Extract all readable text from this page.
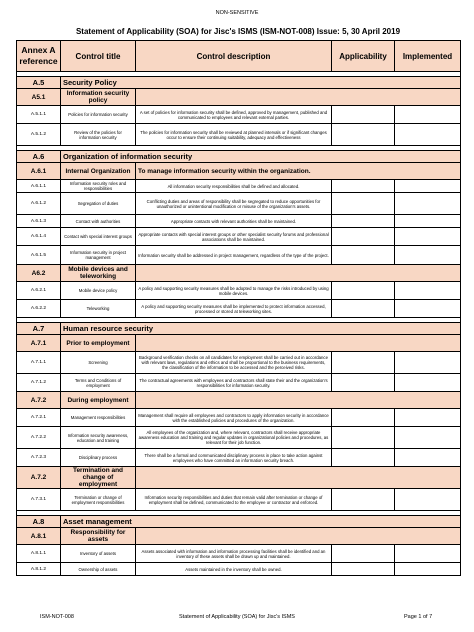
NON-SENSITIVE
Statement of Applicability (SOA) for Jisc's ISMS (ISM-NOT-008) Issue: 5, 30 April 2019
Annex A reference	Control title	Control description	Applicability	Implemented

A.5	Security Policy			
A5.1	Information security policy			
A.5.1.1	Policies for information security	A set of policies for information security shall be defined, approved by management, published and communicated to employees and relevant external parties.	Applicable	Yes
A.5.1.2	Review of the policies for information security	The policies for information security shall be reviewed at planned intervals or if significant changes occur to ensure their continuing suitability, adequacy and effectiveness	Applicable	Yes

A.6	Organization of information security			
A.6.1	Internal Organization	To manage information security within the organization.		
A.6.1.1	Information security roles and responsibilities	All information security responsibilities shall be defined and allocated.	Applicable	Yes
A.6.1.2	Segregation of duties	Conflicting duties and areas of responsibility shall be segregated to reduce opportunities for unauthorized or unintentional modification or misuse of the organization's assets.	Applicable	Yes
A.6.1.3	Contact with authorities	Appropriate contacts with relevant authorities shall be maintained.	Applicable	Yes
A.6.1.4	Contact with special interest groups	Appropriate contacts with special interest groups or other specialist security forums and professional associations shall be maintained.	Applicable	Yes
A.6.1.5	Information security in project management	Information security shall be addressed in project management, regardless of the type of the project.	Partially applicable	No
A6.2	Mobile devices and teleworking			
A.6.2.1	Mobile device policy	A policy and supporting security measures shall be adopted to manage the risks introduced by using mobile devices.	Applicable	Yes
A.6.2.2	Teleworking	A policy and supporting security measures shall be implemented to protect information accessed, processed or stored at teleworking sites.	Applicable	Yes

A.7	Human resource security			
A.7.1	Prior to employment			
A.7.1.1	Screening	Background verification checks on all candidates for employment shall be carried out in accordance with relevant laws, regulations and ethics and shall be proportional to the business requirements, the classification of the information to be accessed and the perceived risks.	Applicable	Yes
A.7.1.2	Terms and Conditions of employment	The contractual agreements with employees and contractors shall state their and the organization's responsibilities for information security.	Applicable	Yes
A.7.2	During employment			
A.7.2.1	Management responsibilities	Management shall require all employees and contractors to apply information security in accordance with the established policies and procedures of the organization.	Applicable	Yes
A.7.2.2	Information security awareness, education and training	All employees of the organization and, where relevant, contractors shall receive appropriate awareness education and training and regular updates in organizational policies and procedures, as relevant for their job function.	Applicable	Yes
A.7.2.3	Disciplinary process	There shall be a formal and communicated disciplinary process in place to take action against employees who have committed an information security breach.	Applicable	Yes
A.7.2	Termination and change of employment			
A.7.3.1	Termination or change of employment responsibilities	Information security responsibilities and duties that remain valid after termination or change of employment shall be defined, communicated to the employee or contractor and enforced.	Applicable	Yes

A.8	Asset management			
A.8.1	Responsibility for assets			
A.8.1.1	Inventory of assets	Assets associated with information and information processing facilities shall be identified and an inventory of these assets shall be drawn up and maintained.	Applicable	Yes
A.8.1.2	Ownership of assets	Assets maintained in the inventory shall be owned.	Applicable	Yes
ISM-NOT-008	Statement of Applicability (SOA) for Jisc's ISMS	Page 1 of 7
